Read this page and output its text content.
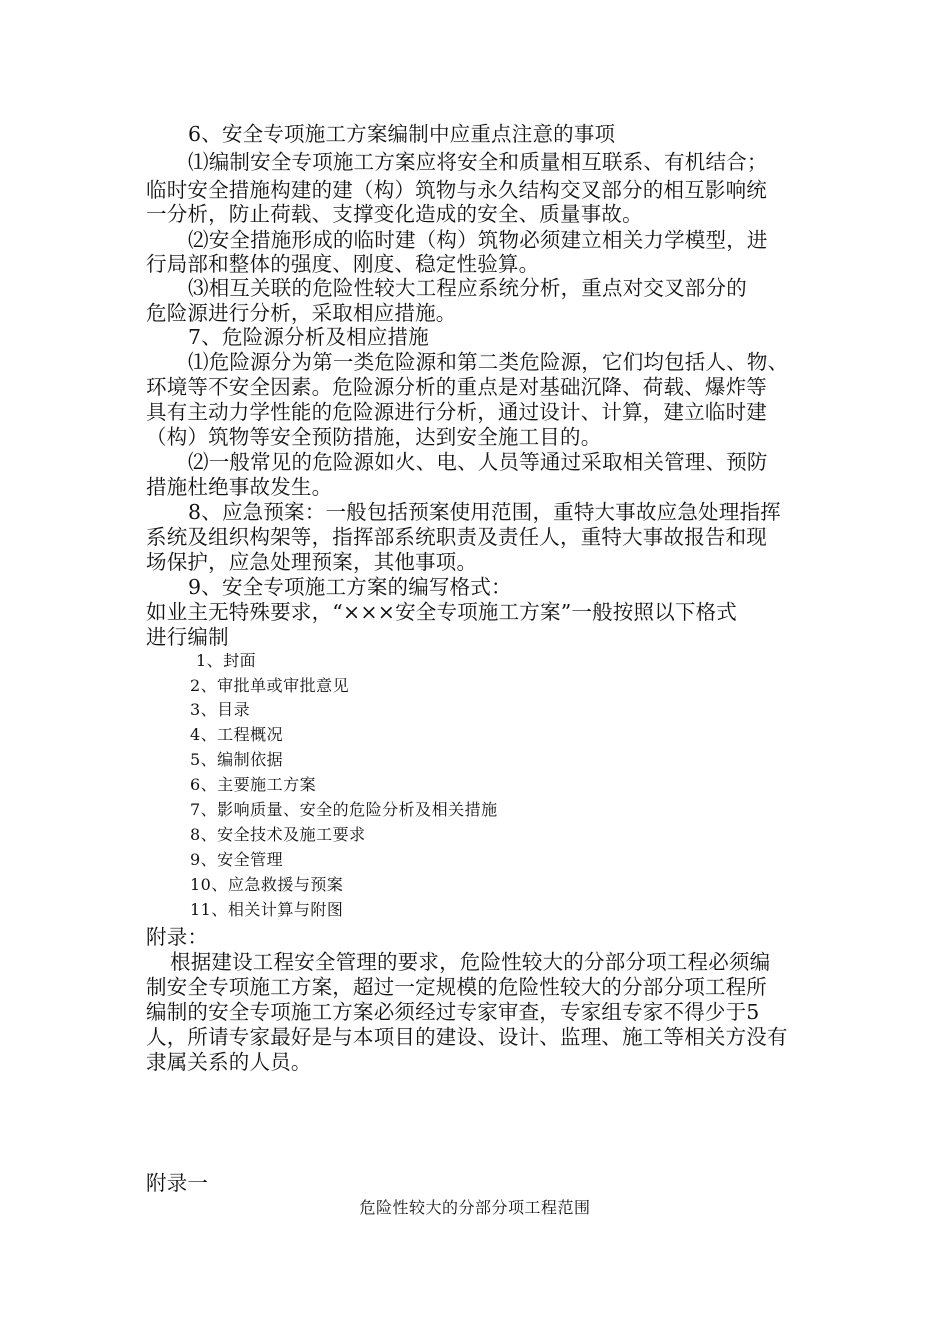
6、安全专项施工方案编制中应重点注意的事项
⑴编制安全专项施工方案应将安全和质量相互联系、有机结合；
临时安全措施构建的建（构）筑物与永久结构交叉部分的相互影响统
一分析，防止荷载、支撑变化造成的安全、质量事故。
⑵安全措施形成的临时建（构）筑物必须建立相关力学模型，进
行局部和整体的强度、刚度、稳定性验算。
⑶相互关联的危险性较大工程应系统分析，重点对交叉部分的
危险源进行分析，采取相应措施。
7、危险源分析及相应措施
⑴危险源分为第一类危险源和第二类危险源，它们均包括人、物、
环境等不安全因素。危险源分析的重点是对基础沉降、荷载、爆炸等
具有主动力学性能的危险源进行分析，通过设计、计算，建立临时建
（构）筑物等安全预防措施，达到安全施工目的。
⑵一般常见的危险源如火、电、人员等通过采取相关管理、预防
措施杜绝事故发生。
8、应急预案：一般包括预案使用范围，重特大事故应急处理指挥
系统及组织构架等，指挥部系统职责及责任人，重特大事故报告和现
场保护，应急处理预案，其他事项。
9、安全专项施工方案的编写格式：
如业主无特殊要求，“×××安全专项施工方案”一般按照以下格式
进行编制
1、封面
2、审批单或审批意见
3、目录
4、工程概况
5、编制依据
6、主要施工方案
7、影响质量、安全的危险分析及相关措施
8、安全技术及施工要求
9、安全管理
10、应急救援与预案
11、相关计算与附图
附录：
根据建设工程安全管理的要求，危险性较大的分部分项工程必须编
制安全专项施工方案，超过一定规模的危险性较大的分部分项工程所
编制的安全专项施工方案必须经过专家审查，专家组专家不得少于5
人，所请专家最好是与本项目的建设、设计、监理、施工等相关方没有
隶属关系的人员。
附录一
危险性较大的分部分项工程范围
